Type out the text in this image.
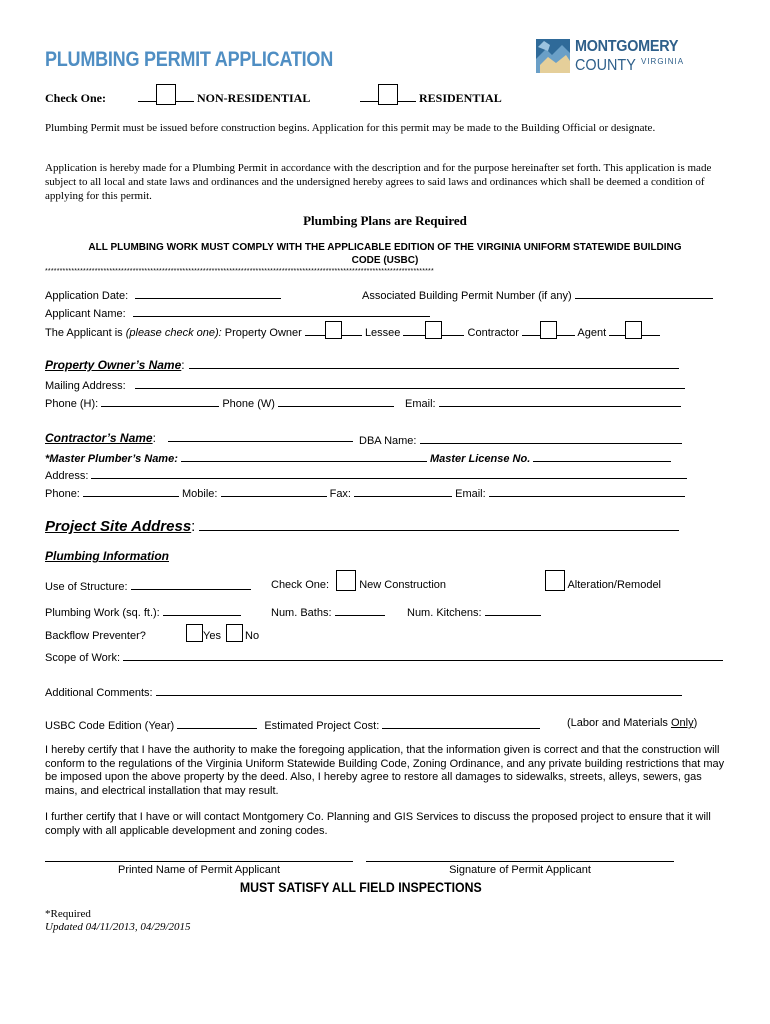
PLUMBING PERMIT APPLICATION
MONTGOMERY
COUNTY VIRGINIA
Check One:	NON-RESIDENTIAL	RESIDENTIAL
Plumbing Permit must be issued before construction begins. Application for this permit may be made to the Building Official or designate.
Application is hereby made for a Plumbing Permit in accordance with the description and for the purpose hereinafter set forth. This application is made subject to all local and state laws and ordinances and the undersigned hereby agrees to said laws and ordinances which shall be deemed a condition of applying for this permit.
Plumbing Plans are Required
ALL PLUMBING WORK MUST COMPLY WITH THE APPLICABLE EDITION OF THE VIRGINIA UNIFORM STATEWIDE BUILDING
CODE (USBC)
*************************************************************************************************************************************
Application Date:	Associated Building Permit Number (if any)
Applicant Name:
The Applicant is (please check one): Property Owner	Lessee	Contractor	Agent
Property Owner’s Name:
Mailing Address:
Phone (H):	Phone (W)	Email:
Contractor’s Name:	DBA Name:
*Master Plumber’s Name:	Master License No.
Address:
Phone:	Mobile:	Fax:	Email:
Project Site Address:
Plumbing Information
Use of Structure:	Check One:	New Construction	Alteration/Remodel
Plumbing Work (sq. ft.):	Num. Baths:	Num. Kitchens:
Backflow Preventer?	Yes No
Scope of Work:
Additional Comments:
USBC Code Edition (Year)	Estimated Project Cost:	(Labor and Materials Only)
I hereby certify that I have the authority to make the foregoing application, that the information given is correct and that the construction will conform to the regulations of the Virginia Uniform Statewide Building Code, Zoning Ordinance, and any private building restrictions that may be imposed upon the above property by the deed. Also, I hereby agree to restore all damages to sidewalks, streets, alleys, sewers, gas mains, and electrical installation that may result.
I further certify that I have or will contact Montgomery Co. Planning and GIS Services to discuss the proposed project to ensure that it will comply with all applicable development and zoning codes.
Printed Name of Permit Applicant	Signature of Permit Applicant
MUST SATISFY ALL FIELD INSPECTIONS
*Required
Updated 04/11/2013, 04/29/2015
